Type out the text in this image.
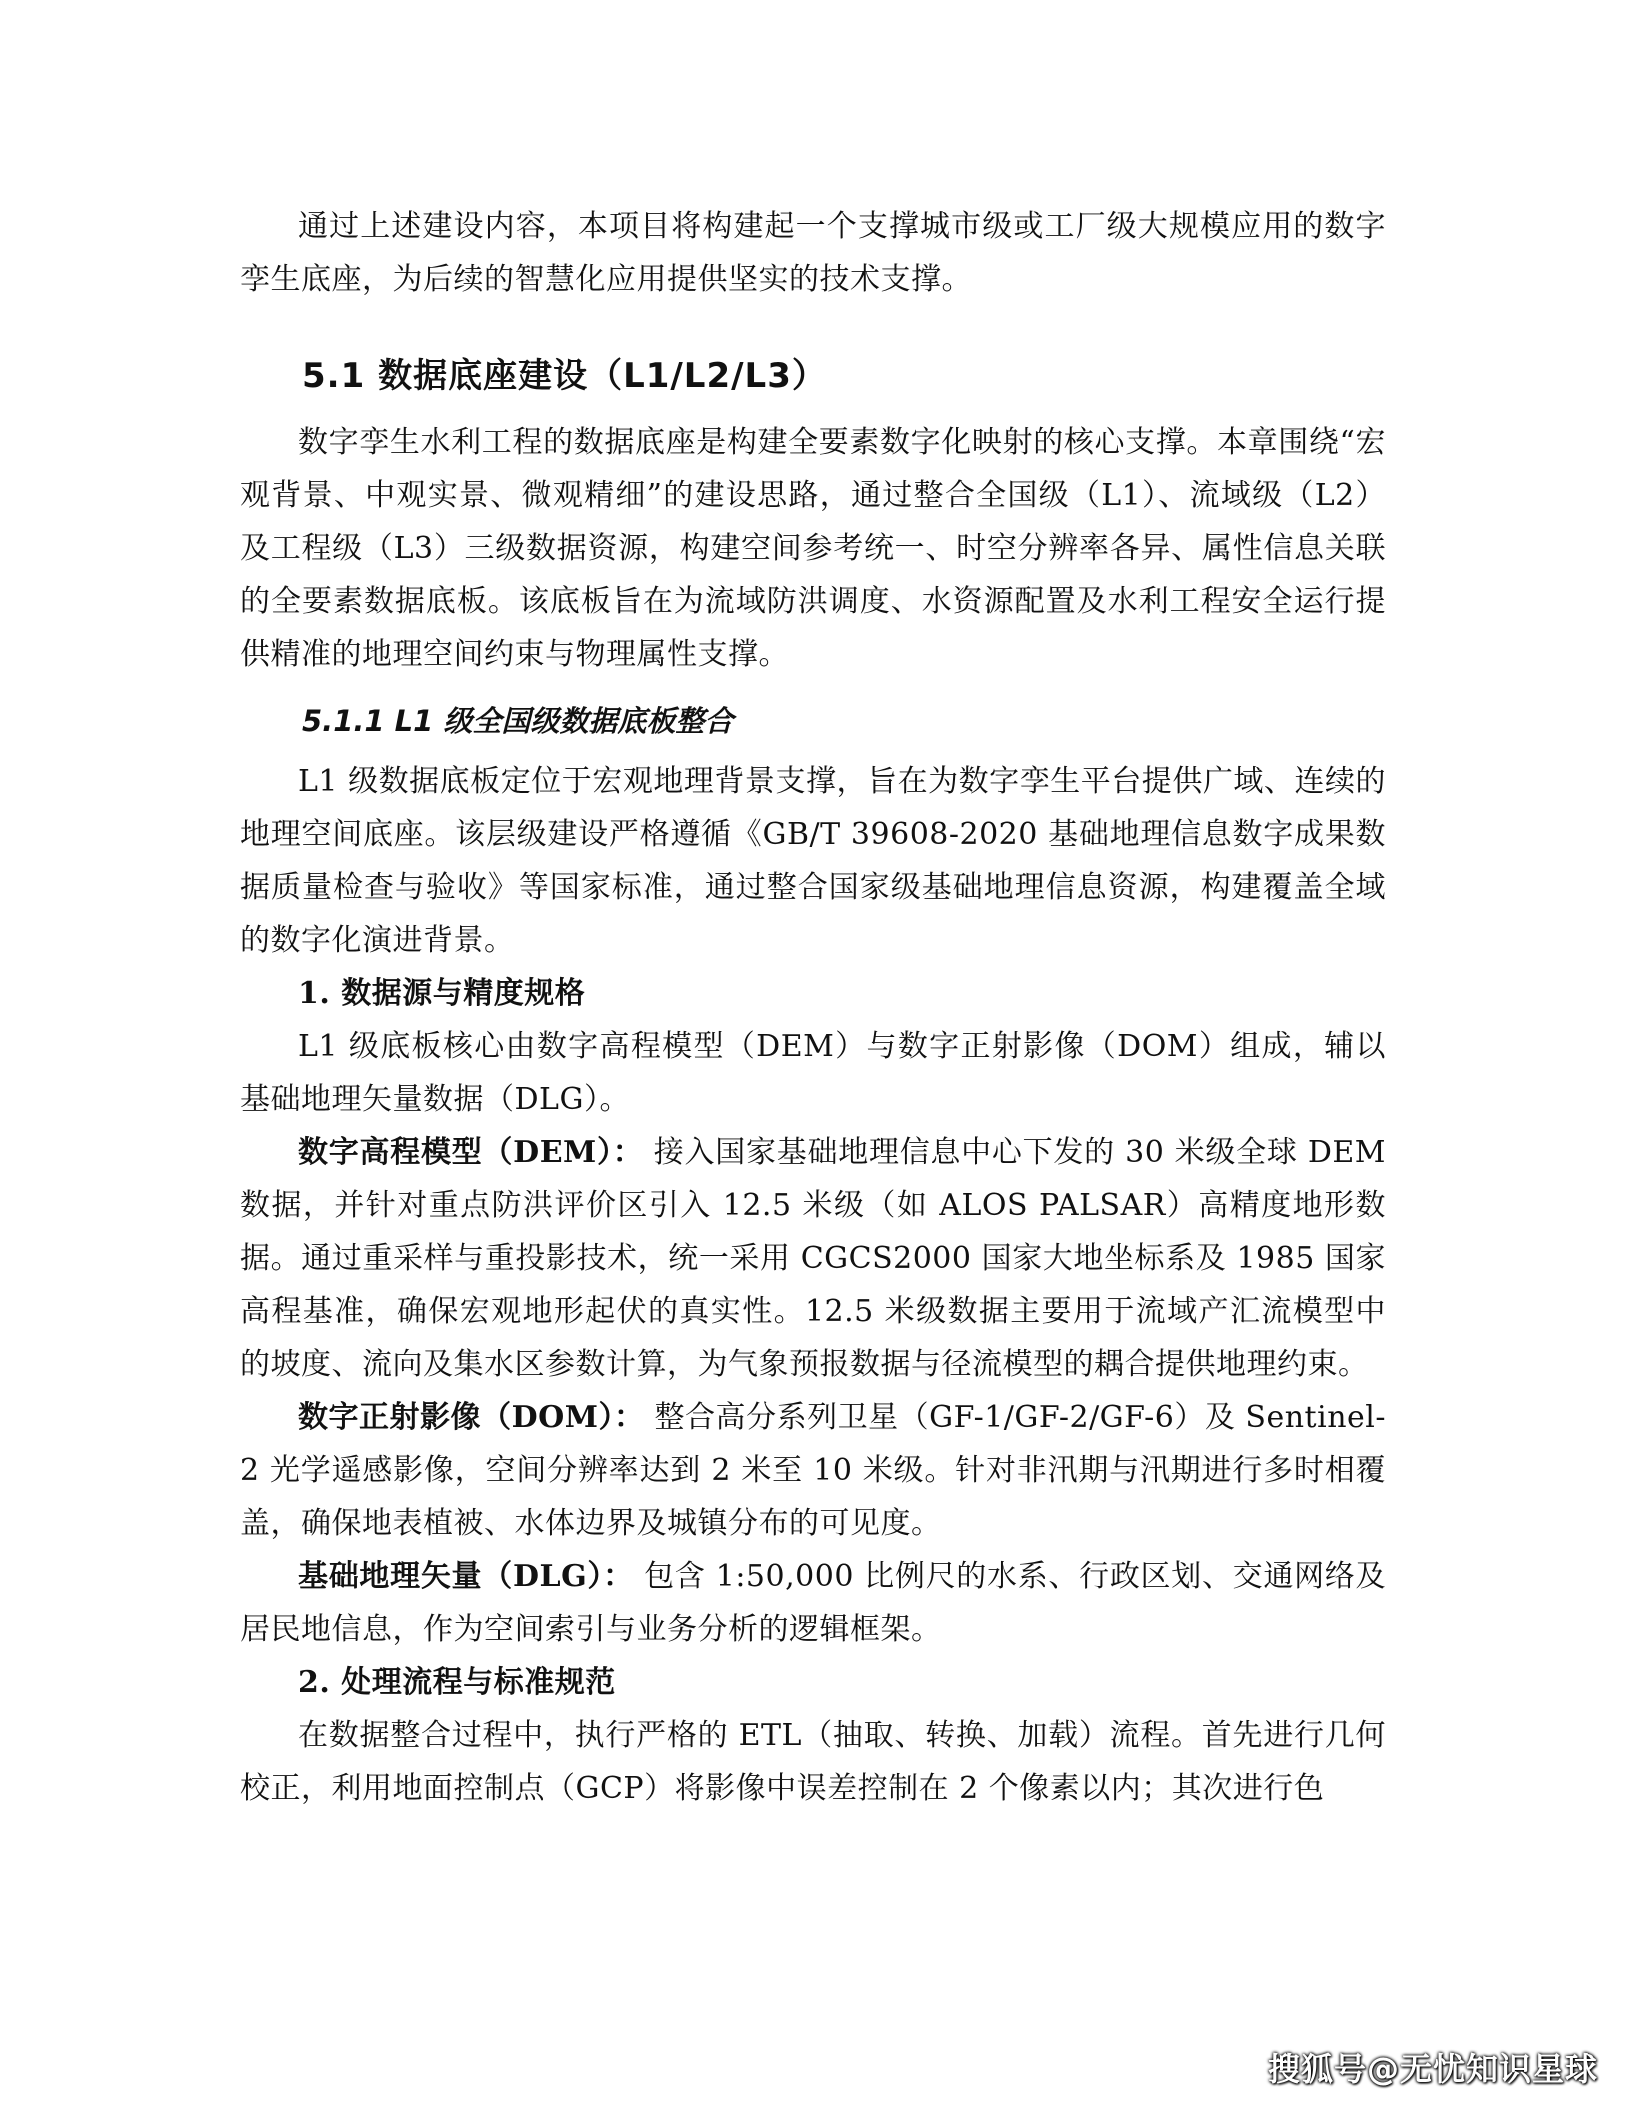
通过上述建设内容，本项目将构建起一个支撑城市级或工厂级大规模应用的数字孪生底座，为后续的智慧化应用提供坚实的技术支撑。

5.1 数据底座建设（L1/L2/L3）

数字孪生水利工程的数据底座是构建全要素数字化映射的核心支撑。本章围绕“宏观背景、中观实景、微观精细”的建设思路，通过整合全国级（L1）、流域级（L2）及工程级（L3）三级数据资源，构建空间参考统一、时空分辨率各异、属性信息关联的全要素数据底板。该底板旨在为流域防洪调度、水资源配置及水利工程安全运行提供精准的地理空间约束与物理属性支撑。

5.1.1 L1 级全国级数据底板整合

L1 级数据底板定位于宏观地理背景支撑，旨在为数字孪生平台提供广域、连续的地理空间底座。该层级建设严格遵循《GB/T 39608-2020 基础地理信息数字成果数据质量检查与验收》等国家标准，通过整合国家级基础地理信息资源，构建覆盖全域的数字化演进背景。

1. 数据源与精度规格

L1 级底板核心由数字高程模型（DEM）与数字正射影像（DOM）组成，辅以基础地理矢量数据（DLG）。

数字高程模型（DEM）： 接入国家基础地理信息中心下发的 30 米级全球 DEM 数据，并针对重点防洪评价区引入 12.5 米级（如 ALOS PALSAR）高精度地形数据。通过重采样与重投影技术，统一采用 CGCS2000 国家大地坐标系及 1985 国家高程基准，确保宏观地形起伏的真实性。12.5 米级数据主要用于流域产汇流模型中的坡度、流向及集水区参数计算，为气象预报数据与径流模型的耦合提供地理约束。

数字正射影像（DOM）： 整合高分系列卫星（GF-1/GF-2/GF-6）及 Sentinel-2 光学遥感影像，空间分辨率达到 2 米至 10 米级。针对非汛期与汛期进行多时相覆盖，确保地表植被、水体边界及城镇分布的可见度。

基础地理矢量（DLG）： 包含 1:50,000 比例尺的水系、行政区划、交通网络及居民地信息，作为空间索引与业务分析的逻辑框架。

2. 处理流程与标准规范

在数据整合过程中，执行严格的 ETL（抽取、转换、加载）流程。首先进行几何校正，利用地面控制点（GCP）将影像中误差控制在 2 个像素以内；其次进行色

搜狐号@无忧知识星球
